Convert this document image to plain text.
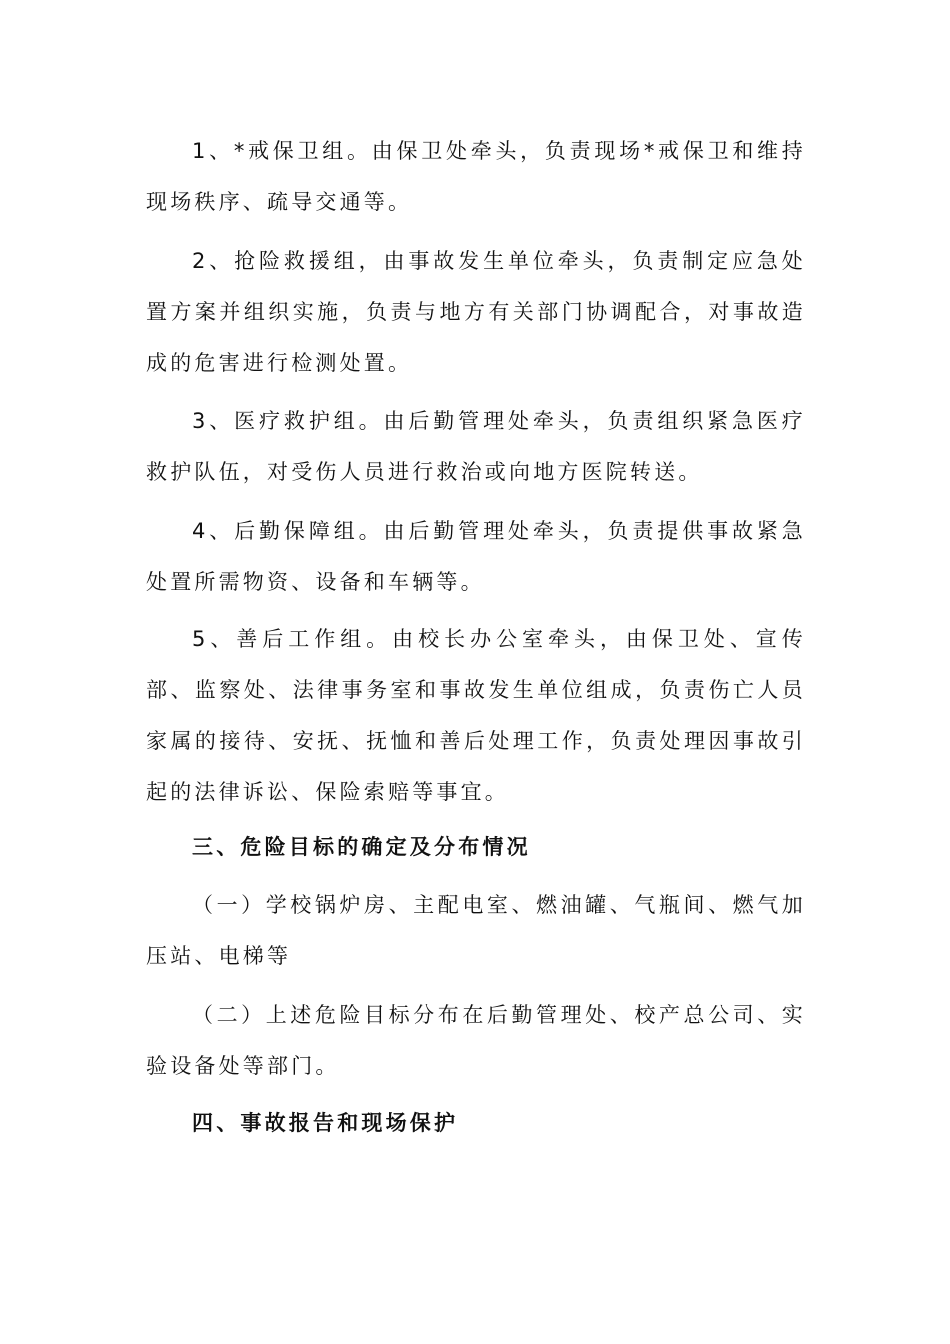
1、*戒保卫组。由保卫处牵头，负责现场*戒保卫和维持现场秩序、疏导交通等。

2、抢险救援组，由事故发生单位牵头，负责制定应急处置方案并组织实施，负责与地方有关部门协调配合，对事故造成的危害进行检测处置。

3、医疗救护组。由后勤管理处牵头，负责组织紧急医疗救护队伍，对受伤人员进行救治或向地方医院转送。

4、后勤保障组。由后勤管理处牵头，负责提供事故紧急处置所需物资、设备和车辆等。

5、善后工作组。由校长办公室牵头，由保卫处、宣传部、监察处、法律事务室和事故发生单位组成，负责伤亡人员家属的接待、安抚、抚恤和善后处理工作，负责处理因事故引起的法律诉讼、保险索赔等事宜。

三、危险目标的确定及分布情况

（一）学校锅炉房、主配电室、燃油罐、气瓶间、燃气加压站、电梯等

（二）上述危险目标分布在后勤管理处、校产总公司、实验设备处等部门。

四、事故报告和现场保护
